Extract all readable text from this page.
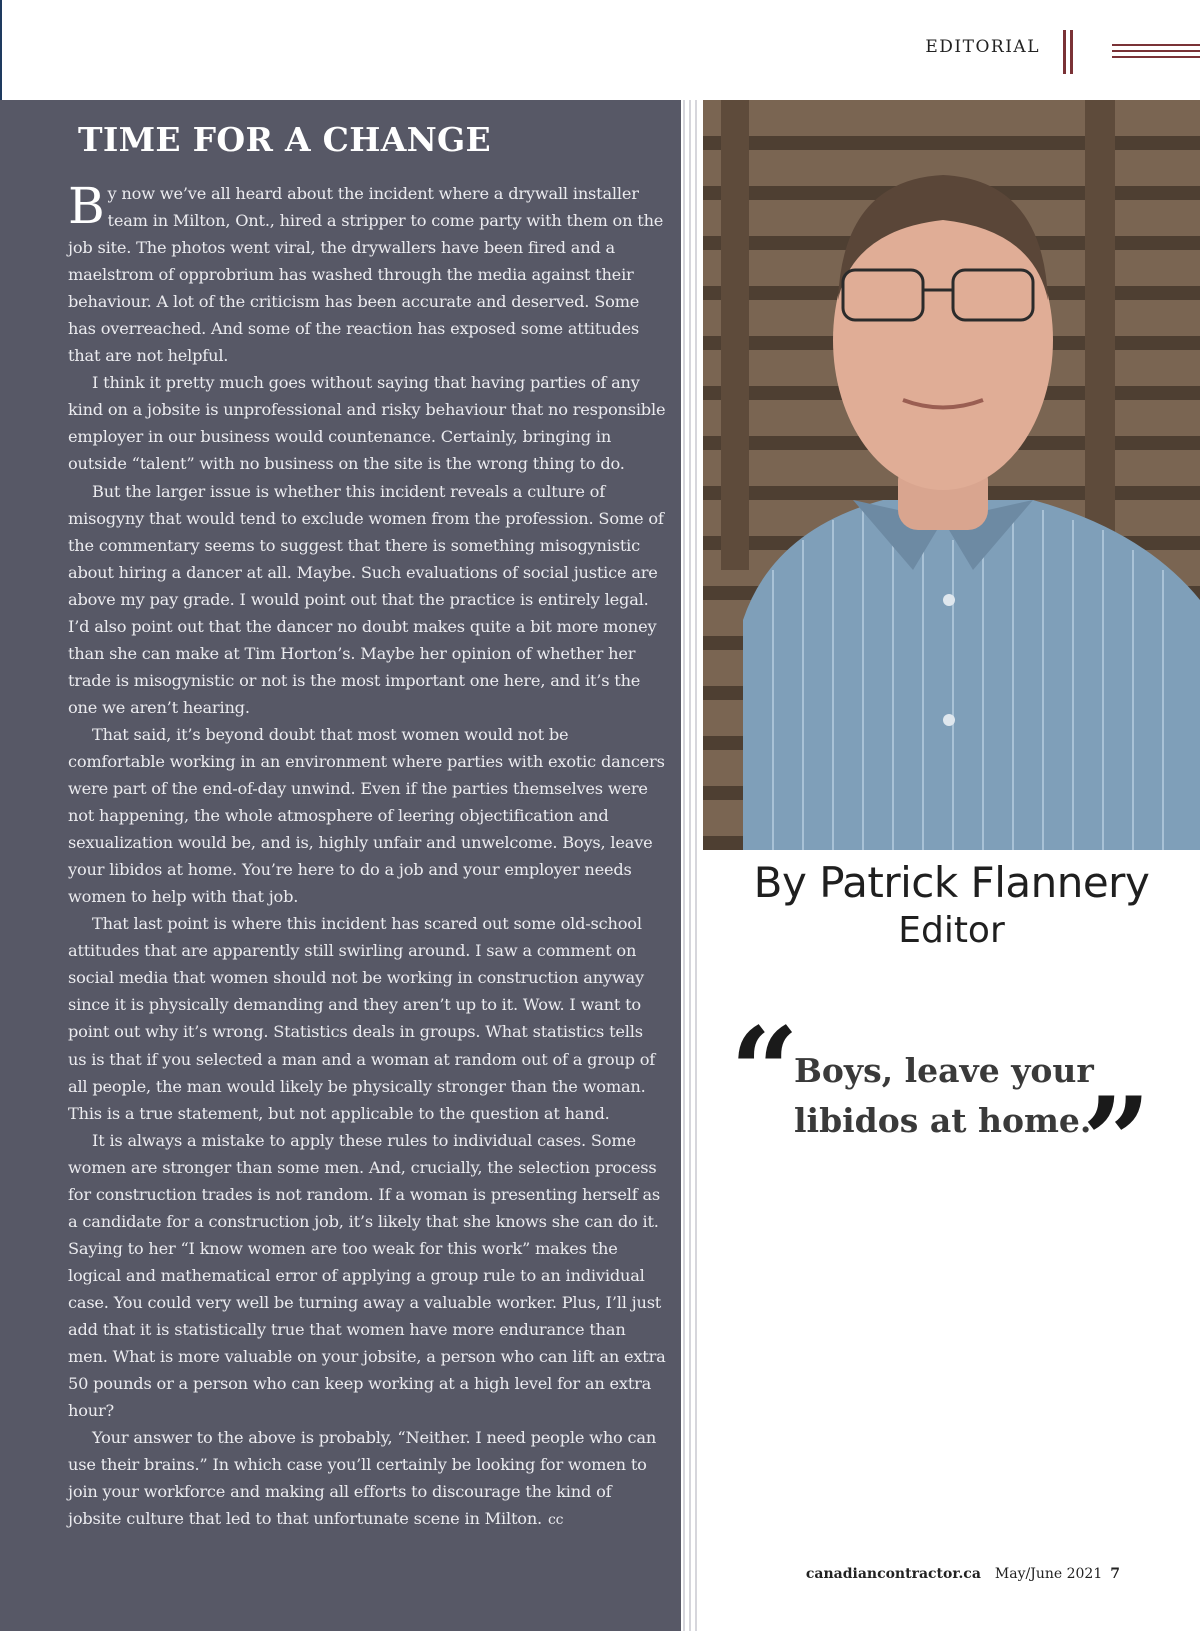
EDITORIAL
TIME FOR A CHANGE

By now we’ve all heard about the incident where a drywall installer team in Milton, Ont., hired a stripper to come party with them on the job site. The photos went viral, the drywallers have been fired and a maelstrom of opprobrium has washed through the media against their behaviour. A lot of the criticism has been accurate and deserved. Some has overreached. And some of the reaction has exposed some attitudes that are not helpful.

I think it pretty much goes without saying that having parties of any kind on a jobsite is unprofessional and risky behaviour that no responsible employer in our business would countenance. Certainly, bringing in outside “talent” with no business on the site is the wrong thing to do.

But the larger issue is whether this incident reveals a culture of misogyny that would tend to exclude women from the profession. Some of the commentary seems to suggest that there is something misogynistic about hiring a dancer at all. Maybe. Such evaluations of social justice are above my pay grade. I would point out that the practice is entirely legal. I’d also point out that the dancer no doubt makes quite a bit more money than she can make at Tim Horton’s. Maybe her opinion of whether her trade is misogynistic or not is the most important one here, and it’s the one we aren’t hearing.

That said, it’s beyond doubt that most women would not be comfortable working in an environment where parties with exotic dancers were part of the end-of-day unwind. Even if the parties themselves were not happening, the whole atmosphere of leering objectification and sexualization would be, and is, highly unfair and unwelcome. Boys, leave your libidos at home. You’re here to do a job and your employer needs women to help with that job.

That last point is where this incident has scared out some old-school attitudes that are apparently still swirling around. I saw a comment on social media that women should not be working in construction anyway since it is physically demanding and they aren’t up to it. Wow. I want to point out why it’s wrong. Statistics deals in groups. What statistics tells us is that if you selected a man and a woman at random out of a group of all people, the man would likely be physically stronger than the woman. This is a true statement, but not applicable to the question at hand.

It is always a mistake to apply these rules to individual cases. Some women are stronger than some men. And, crucially, the selection process for construction trades is not random. If a woman is presenting herself as a candidate for a construction job, it’s likely that she knows she can do it. Saying to her “I know women are too weak for this work” makes the logical and mathematical error of applying a group rule to an individual case. You could very well be turning away a valuable worker. Plus, I’ll just add that it is statistically true that women have more endurance than men. What is more valuable on your jobsite, a person who can lift an extra 50 pounds or a person who can keep working at a high level for an extra hour?

Your answer to the above is probably, “Neither. I need people who can use their brains.” In which case you’ll certainly be looking for women to join your workforce and making all efforts to discourage the kind of jobsite culture that led to that unfortunate scene in Milton. cc

By Patrick Flannery
Editor
“

Boys, leave your libidos at home.

”
canadiancontractor.ca May/June 2021 7
